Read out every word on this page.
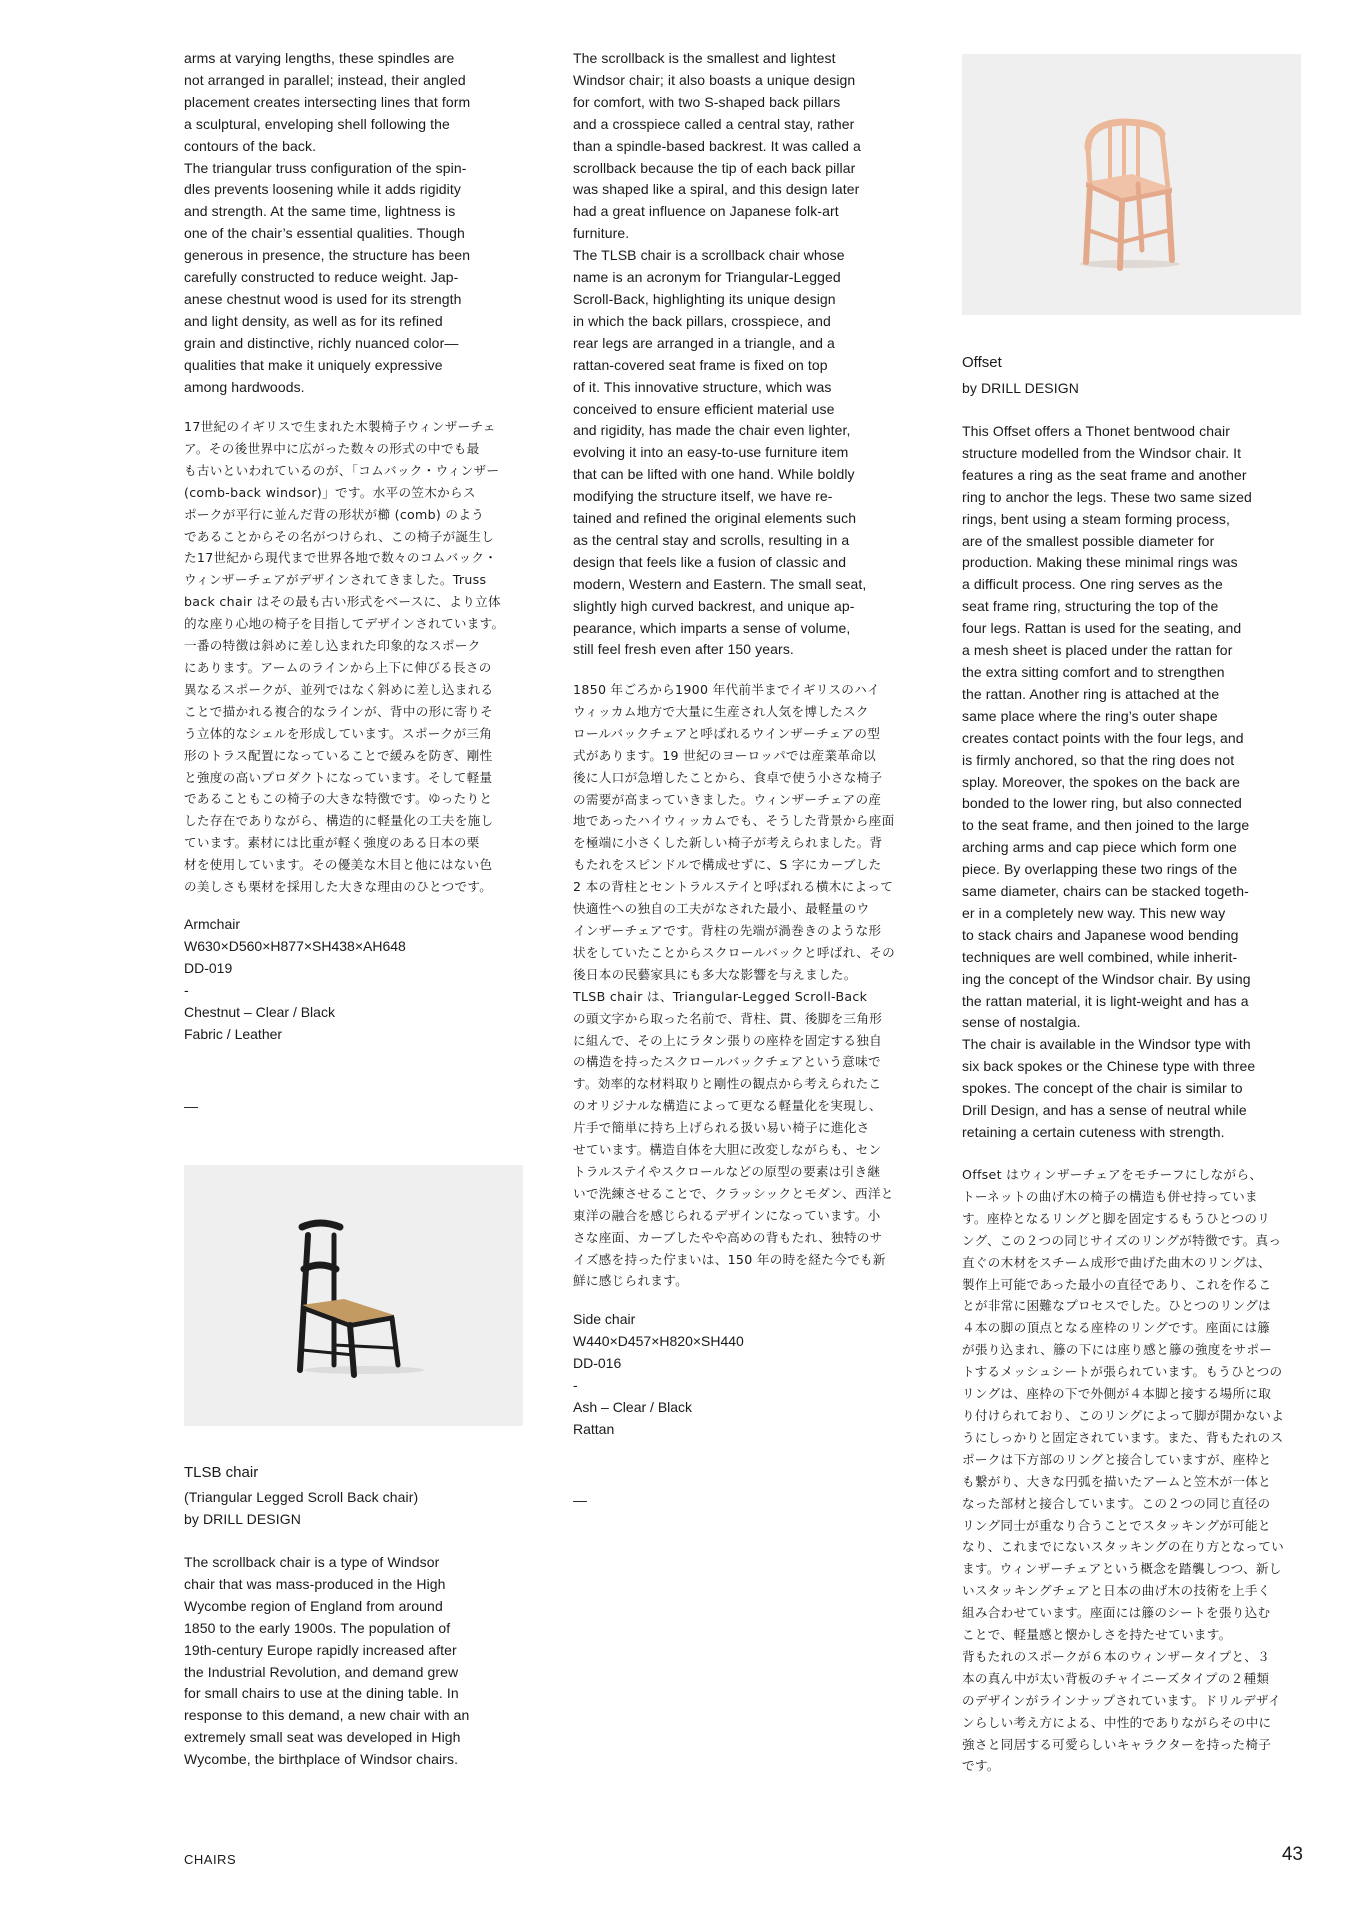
arms at varying lengths, these spindles are
not arranged in parallel; instead, their angled
placement creates intersecting lines that form
a sculptural, enveloping shell following the
contours of the back.
The triangular truss configuration of the spin-
dles prevents loosening while it adds rigidity
and strength. At the same time, lightness is
one of the chair’s essential qualities. Though
generous in presence, the structure has been
carefully constructed to reduce weight. Jap-
anese chestnut wood is used for its strength
and light density, as well as for its refined
grain and distinctive, richly nuanced color—
qualities that make it uniquely expressive
among hardwoods.

17世紀のイギリスで生まれた木製椅子ウィンザーチェ
ア。その後世界中に広がった数々の形式の中でも最
も古いといわれているのが、「コムバック・ウィンザー
(comb-back windsor)」です。水平の笠木からス
ポークが平行に並んだ背の形状が櫛 (comb) のよう
であることからその名がつけられ、この椅子が誕生し
た17世紀から現代まで世界各地で数々のコムバック・
ウィンザーチェアがデザインされてきました。Truss
back chair はその最も古い形式をベースに、より立体
的な座り心地の椅子を目指してデザインされています。
一番の特徴は斜めに差し込まれた印象的なスポーク
にあります。アームのラインから上下に伸びる長さの
異なるスポークが、並列ではなく斜めに差し込まれる
ことで描かれる複合的なラインが、背中の形に寄りそ
う立体的なシェルを形成しています。スポークが三角
形のトラス配置になっていることで緩みを防ぎ、剛性
と強度の高いプロダクトになっています。そして軽量
であることもこの椅子の大きな特徴です。ゆったりと
した存在でありながら、構造的に軽量化の工夫を施し
ています。素材には比重が軽く強度のある日本の栗
材を使用しています。その優美な木目と他にはない色
の美しさも栗材を採用した大きな理由のひとつです。

Armchair
W630×D560×H877×SH438×AH648
DD-019
-
Chestnut – Clear / Black
Fabric / Leather

—

TLSB chair

(Triangular Legged Scroll Back chair)
by DRILL DESIGN

The scrollback chair is a type of Windsor
chair that was mass-produced in the High
Wycombe region of England from around
1850 to the early 1900s. The population of
19th-century Europe rapidly increased after
the Industrial Revolution, and demand grew
for small chairs to use at the dining table. In
response to this demand, a new chair with an
extremely small seat was developed in High
Wycombe, the birthplace of Windsor chairs.

The scrollback is the smallest and lightest
Windsor chair; it also boasts a unique design
for comfort, with two S-shaped back pillars
and a crosspiece called a central stay, rather
than a spindle-based backrest. It was called a
scrollback because the tip of each back pillar
was shaped like a spiral, and this design later
had a great influence on Japanese folk-art
furniture.
The TLSB chair is a scrollback chair whose
name is an acronym for Triangular-Legged
Scroll-Back, highlighting its unique design
in which the back pillars, crosspiece, and
rear legs are arranged in a triangle, and a
rattan-covered seat frame is fixed on top
of it. This innovative structure, which was
conceived to ensure efficient material use
and rigidity, has made the chair even lighter,
evolving it into an easy-to-use furniture item
that can be lifted with one hand. While boldly
modifying the structure itself, we have re-
tained and refined the original elements such
as the central stay and scrolls, resulting in a
design that feels like a fusion of classic and
modern, Western and Eastern. The small seat,
slightly high curved backrest, and unique ap-
pearance, which imparts a sense of volume,
still feel fresh even after 150 years.

1850 年ごろから1900 年代前半までイギリスのハイ
ウィッカム地方で大量に生産され人気を博したスク
ロールバックチェアと呼ばれるウインザーチェアの型
式があります。19 世紀のヨーロッパでは産業革命以
後に人口が急増したことから、食卓で使う小さな椅子
の需要が高まっていきました。ウィンザーチェアの産
地であったハイウィッカムでも、そうした背景から座面
を極端に小さくした新しい椅子が考えられました。背
もたれをスピンドルで構成せずに、S 字にカーブした
2 本の背柱とセントラルステイと呼ばれる横木によって
快適性への独自の工夫がなされた最小、最軽量のウ
インザーチェアです。背柱の先端が渦巻きのような形
状をしていたことからスクロールバックと呼ばれ、その
後日本の民藝家具にも多大な影響を与えました。
TLSB chair は、Triangular-Legged Scroll-Back
の頭文字から取った名前で、背柱、貫、後脚を三角形
に組んで、その上にラタン張りの座枠を固定する独自
の構造を持ったスクロールバックチェアという意味で
す。効率的な材料取りと剛性の観点から考えられたこ
のオリジナルな構造によって更なる軽量化を実現し、
片手で簡単に持ち上げられる扱い易い椅子に進化さ
せています。構造自体を大胆に改変しながらも、セン
トラルステイやスクロールなどの原型の要素は引き継
いで洗練させることで、クラッシックとモダン、西洋と
東洋の融合を感じられるデザインになっています。小
さな座面、カーブしたやや高めの背もたれ、独特のサ
イズ感を持った佇まいは、150 年の時を経た今でも新
鮮に感じられます。

Side chair
W440×D457×H820×SH440
DD-016
-
Ash – Clear / Black
Rattan

—

Offset

by DRILL DESIGN

This Offset offers a Thonet bentwood chair
structure modelled from the Windsor chair. It
features a ring as the seat frame and another
ring to anchor the legs. These two same sized
rings, bent using a steam forming process,
are of the smallest possible diameter for
production. Making these minimal rings was
a difficult process. One ring serves as the
seat frame ring, structuring the top of the
four legs. Rattan is used for the seating, and
a mesh sheet is placed under the rattan for
the extra sitting comfort and to strengthen
the rattan. Another ring is attached at the
same place where the ring’s outer shape
creates contact points with the four legs, and
is firmly anchored, so that the ring does not
splay. Moreover, the spokes on the back are
bonded to the lower ring, but also connected
to the seat frame, and then joined to the large
arching arms and cap piece which form one
piece. By overlapping these two rings of the
same diameter, chairs can be stacked togeth-
er in a completely new way. This new way
to stack chairs and Japanese wood bending
techniques are well combined, while inherit-
ing the concept of the Windsor chair. By using
the rattan material, it is light-weight and has a
sense of nostalgia.
The chair is available in the Windsor type with
six back spokes or the Chinese type with three
spokes. The concept of the chair is similar to
Drill Design, and has a sense of neutral while
retaining a certain cuteness with strength.

Offset はウィンザーチェアをモチーフにしながら、
トーネットの曲げ木の椅子の構造も併せ持っていま
す。座枠となるリングと脚を固定するもうひとつのリ
ング、この２つの同じサイズのリングが特徴です。真っ
直ぐの木材をスチーム成形で曲げた曲木のリングは、
製作上可能であった最小の直径であり、これを作るこ
とが非常に困難なプロセスでした。ひとつのリングは
４本の脚の頂点となる座枠のリングです。座面には籐
が張り込まれ、籐の下には座り感と籐の強度をサポー
トするメッシュシートが張られています。もうひとつの
リングは、座枠の下で外側が４本脚と接する場所に取
り付けられており、このリングによって脚が開かないよ
うにしっかりと固定されています。また、背もたれのス
ポークは下方部のリングと接合していますが、座枠と
も繋がり、大きな円弧を描いたアームと笠木が一体と
なった部材と接合しています。この２つの同じ直径の
リング同士が重なり合うことでスタッキングが可能と
なり、これまでにないスタッキングの在り方となってい
ます。ウィンザーチェアという概念を踏襲しつつ、新し
いスタッキングチェアと日本の曲げ木の技術を上手く
組み合わせています。座面には籐のシートを張り込む
ことで、軽量感と懐かしさを持たせています。
背もたれのスポークが６本のウィンザータイプと、３
本の真ん中が太い背板のチャイニーズタイプの２種類
のデザインがラインナップされています。ドリルデザイ
ンらしい考え方による、中性的でありながらその中に
強さと同居する可愛らしいキャラクターを持った椅子
です。

CHAIRS	43
